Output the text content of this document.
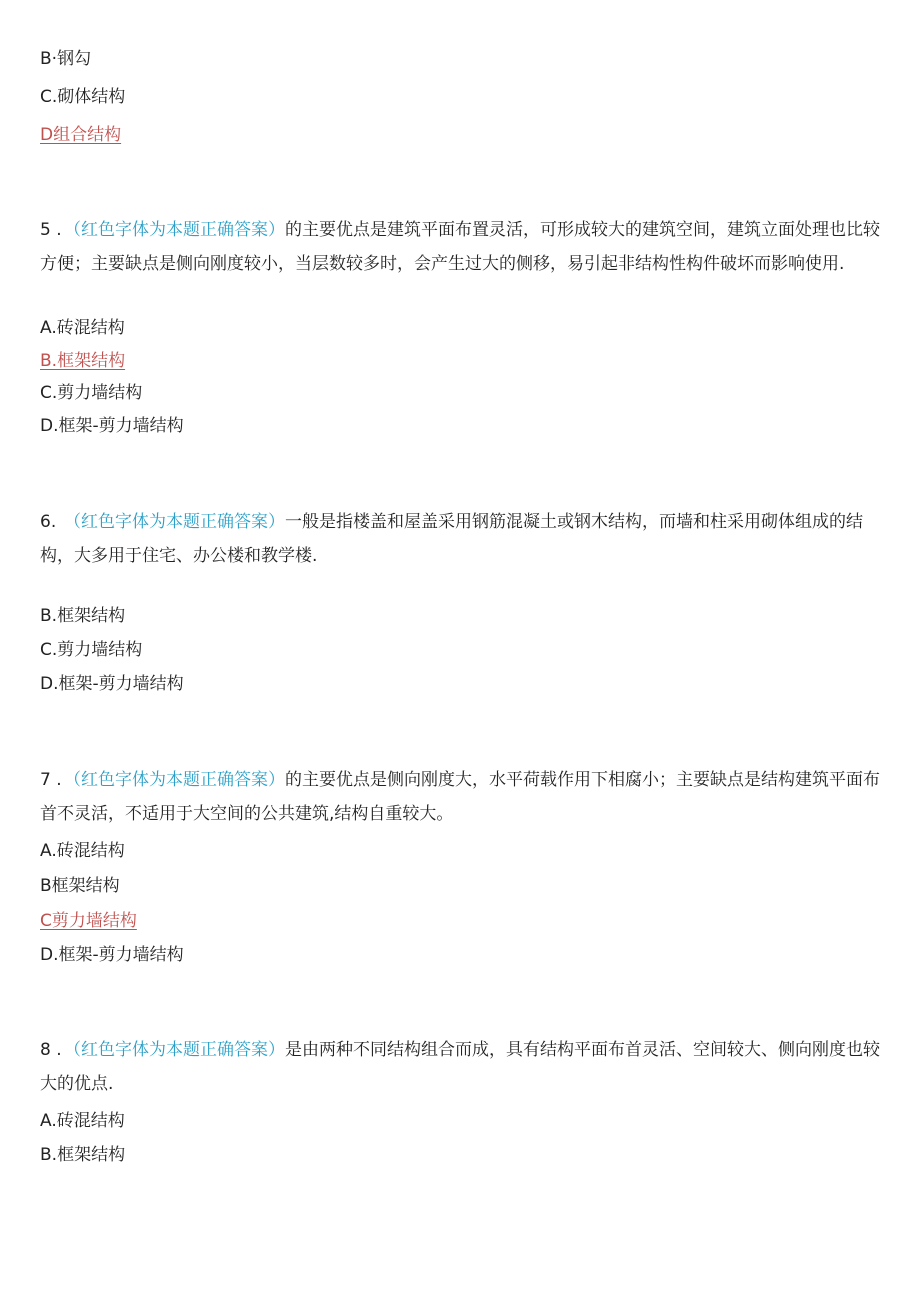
B·钢勾
C.砌体结构
D组合结构
5 . （红色字体为本题正确答案）的主要优点是建筑平面布置灵活，可形成较大的建筑空间，建筑立面处理也比较方便；主要缺点是侧向刚度较小，当层数较多时，会产生过大的侧移，易引起非结构性构件破坏而影响使用.
A.砖混结构
B.框架结构
C.剪力墙结构
D.框架-剪力墙结构
6. （红色字体为本题正确答案）一般是指楼盖和屋盖采用钢筋混凝土或钢木结构，而墙和柱采用砌体组成的结构，大多用于住宅、办公楼和教学楼.
B.框架结构
C.剪力墙结构
D.框架-剪力墙结构
7 . （红色字体为本题正确答案）的主要优点是侧向刚度大，水平荷载作用下相腐小；主要缺点是结构建筑平面布首不灵活，不适用于大空间的公共建筑,结构自重较大。
A.砖混结构
B框架结构
C剪力墙结构
D.框架-剪力墙结构
8 . （红色字体为本题正确答案）是由两种不同结构组合而成，具有结构平面布首灵活、空间较大、侧向刚度也较大的优点.
A.砖混结构
B.框架结构
